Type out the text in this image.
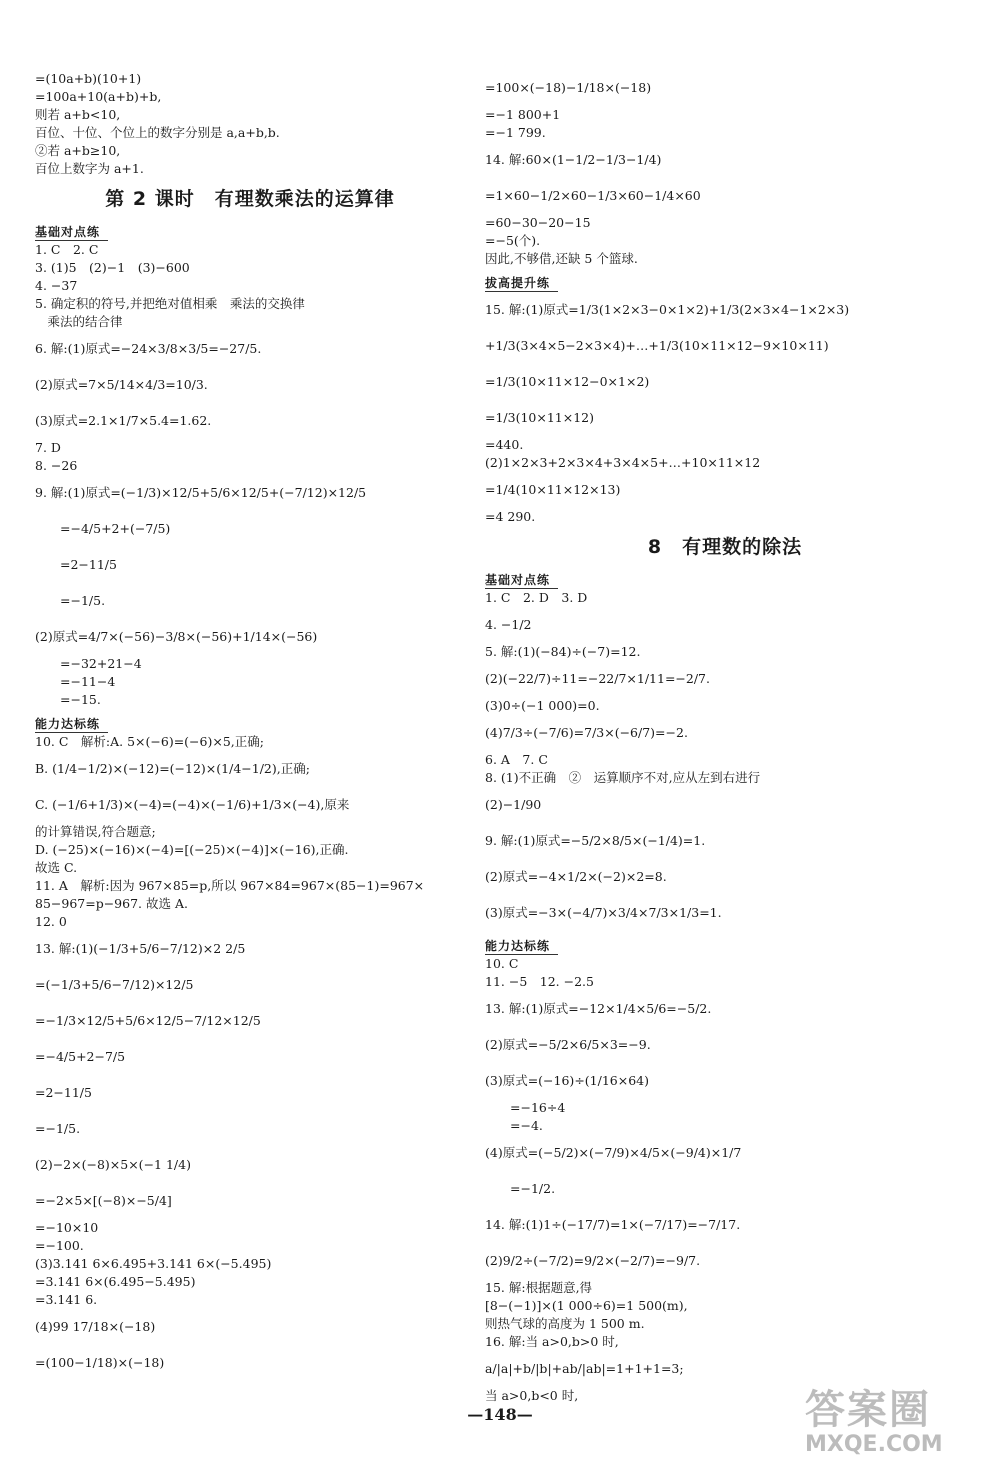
=(10a+b)(10+1)
=100a+10(a+b)+b,
则若 a+b<10,
百位、十位、个位上的数字分别是 a,a+b,b.
②若 a+b≥10,
百位上数字为 a+1.
第 2 课时　有理数乘法的运算律
基础对点练

1. C　2. C
3. (1)5　(2)−1　(3)−600
4. −37
5. 确定积的符号,并把绝对值相乘　乘法的交换律
　乘法的结合律
6. 解:(1)原式=−24×3/8×3/5=−27/5.
(2)原式=7×5/14×4/3=10/3.
(3)原式=2.1×1/7×5.4=1.62.
7. D
8. −26
9. 解:(1)原式=(−1/3)×12/5+5/6×12/5+(−7/12)×12/5
　　=−4/5+2+(−7/5)
　　=2−11/5
　　=−1/5.
(2)原式=4/7×(−56)−3/8×(−56)+1/14×(−56)
　　=−32+21−4
　　=−11−4
　　=−15.
能力达标练

10. C　解析:A. 5×(−6)=(−6)×5,正确;
B. (1/4−1/2)×(−12)=(−12)×(1/4−1/2),正确;
C. (−1/6+1/3)×(−4)=(−4)×(−1/6)+1/3×(−4),原来
的计算错误,符合题意;
D. (−25)×(−16)×(−4)=[(−25)×(−4)]×(−16),正确.
故选 C.
11. A　解析:因为 967×85=p,所以 967×84=967×(85−1)=967×
85−967=p−967. 故选 A.
12. 0
13. 解:(1)(−1/3+5/6−7/12)×2 2/5
=(−1/3+5/6−7/12)×12/5
=−1/3×12/5+5/6×12/5−7/12×12/5
=−4/5+2−7/5
=2−11/5
=−1/5.
(2)−2×(−8)×5×(−1 1/4)
=−2×5×[(−8)×−5/4]
=−10×10
=−100.
(3)3.141 6×6.495+3.141 6×(−5.495)
=3.141 6×(6.495−5.495)
=3.141 6.
(4)99 17/18×(−18)
=(100−1/18)×(−18)
=100×(−18)−1/18×(−18)
=−1 800+1
=−1 799.
14. 解:60×(1−1/2−1/3−1/4)
=1×60−1/2×60−1/3×60−1/4×60
=60−30−20−15
=−5(个).
因此,不够借,还缺 5 个篮球.
拔高提升练

15. 解:(1)原式=1/3(1×2×3−0×1×2)+1/3(2×3×4−1×2×3)
+1/3(3×4×5−2×3×4)+…+1/3(10×11×12−9×10×11)
=1/3(10×11×12−0×1×2)
=1/3(10×11×12)
=440.
(2)1×2×3+2×3×4+3×4×5+…+10×11×12
=1/4(10×11×12×13)
=4 290.
8　有理数的除法
基础对点练

1. C　2. D　3. D
4. −1/2
5. 解:(1)(−84)÷(−7)=12.
(2)(−22/7)÷11=−22/7×1/11=−2/7.
(3)0÷(−1 000)=0.
(4)7/3÷(−7/6)=7/3×(−6/7)=−2.
6. A　7. C
8. (1)不正确　②　运算顺序不对,应从左到右进行
(2)−1/90
9. 解:(1)原式=−5/2×8/5×(−1/4)=1.
(2)原式=−4×1/2×(−2)×2=8.
(3)原式=−3×(−4/7)×3/4×7/3×1/3=1.
能力达标练

10. C
11. −5　12. −2.5
13. 解:(1)原式=−12×1/4×5/6=−5/2.
(2)原式=−5/2×6/5×3=−9.
(3)原式=(−16)÷(1/16×64)
　　=−16÷4
　　=−4.
(4)原式=(−5/2)×(−7/9)×4/5×(−9/4)×1/7
　　=−1/2.
14. 解:(1)1÷(−17/7)=1×(−7/17)=−7/17.
(2)9/2÷(−7/2)=9/2×(−2/7)=−9/7.
15. 解:根据题意,得
[8−(−1)]×(1 000÷6)=1 500(m),
则热气球的高度为 1 500 m.
16. 解:当 a>0,b>0 时,
a/|a|+b/|b|+ab/|ab|=1+1+1=3;
当 a>0,b<0 时,
—148—	答案圈
MXQE.COM
